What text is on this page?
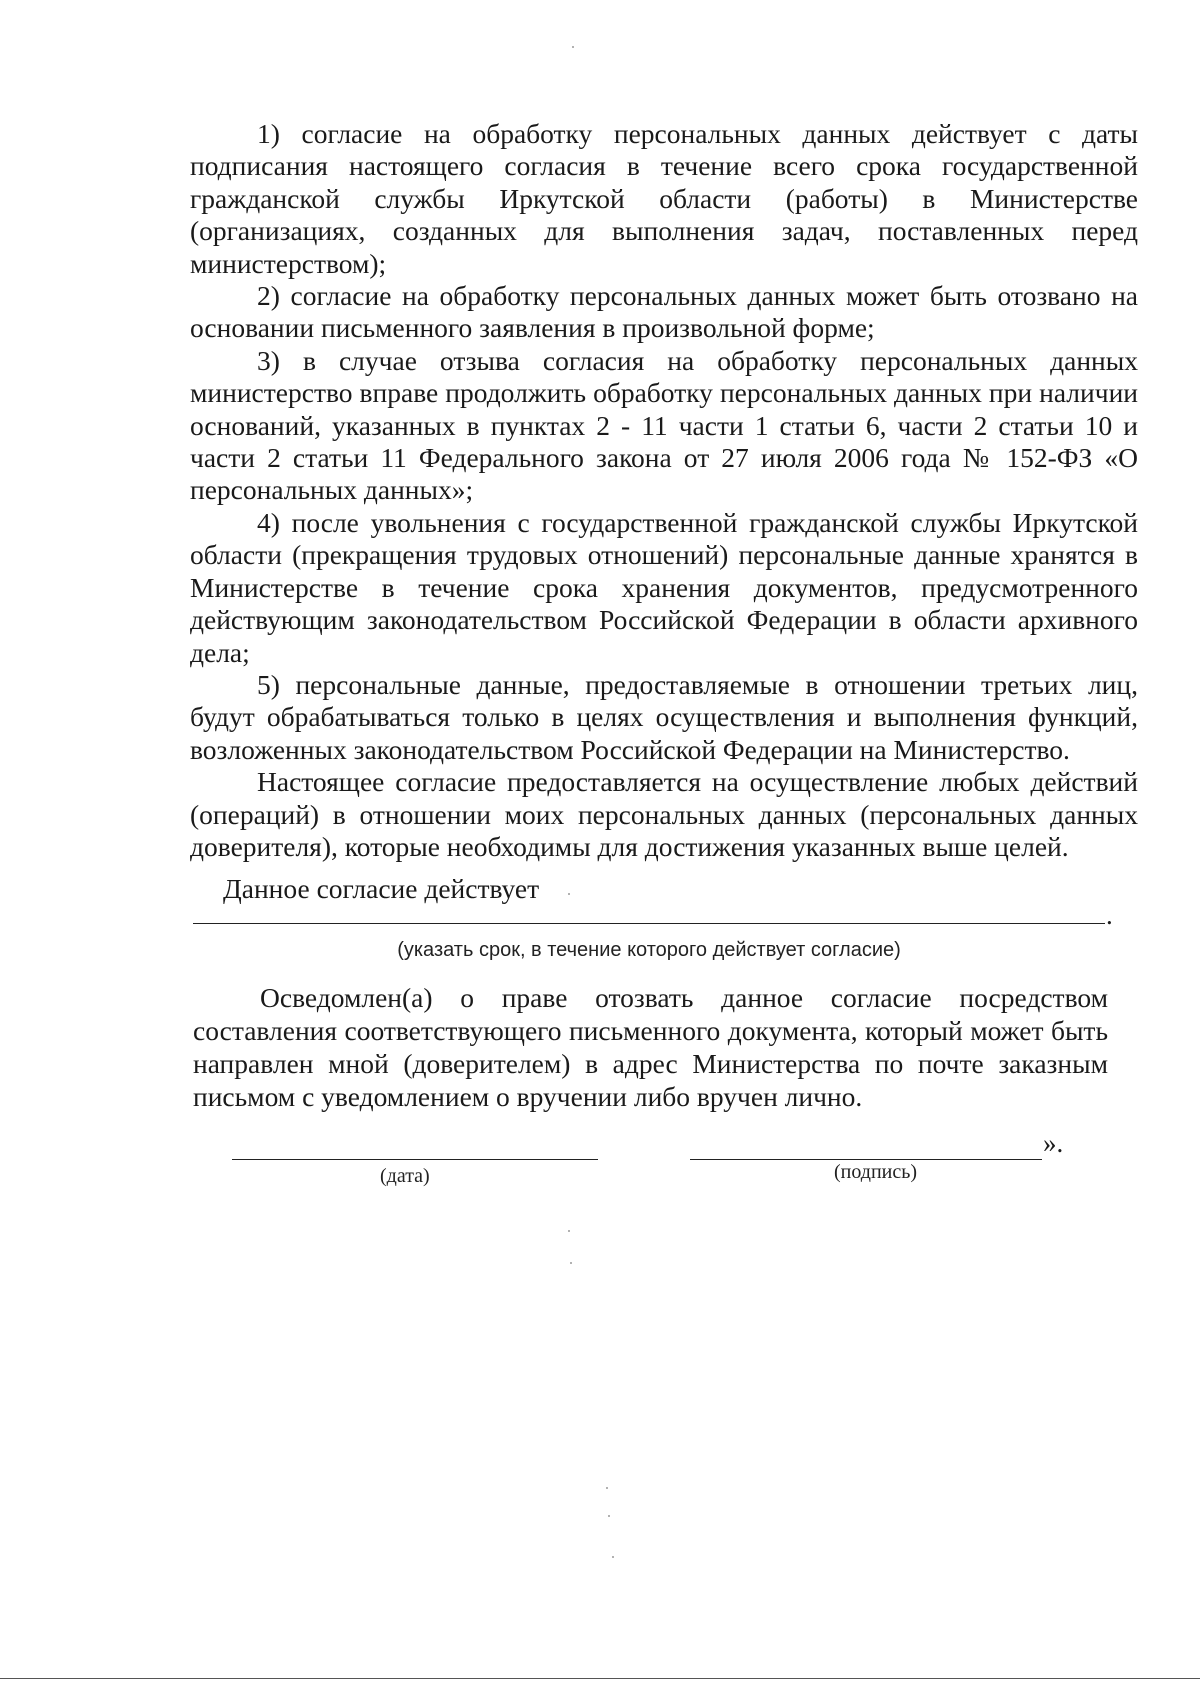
1) согласие на обработку персональных данных действует с даты подписания настоящего согласия в течение всего срока государственной гражданской службы Иркутской области (работы) в Министерстве (организациях, созданных для выполнения задач, поставленных перед министерством);

2) согласие на обработку персональных данных может быть отозвано на основании письменного заявления в произвольной форме;

3) в случае отзыва согласия на обработку персональных данных министерство вправе продолжить обработку персональных данных при наличии оснований, указанных в пунктах 2 - 11 части 1 статьи 6, части 2 статьи 10 и части 2 статьи 11 Федерального закона от 27 июля 2006 года № 152-ФЗ «О персональных данных»;

4) после увольнения с государственной гражданской службы Иркутской области (прекращения трудовых отношений) персональные данные хранятся в Министерстве в течение срока хранения документов, предусмотренного действующим законодательством Российской Федерации в области архивного дела;

5) персональные данные, предоставляемые в отношении третьих лиц, будут обрабатываться только в целях осуществления и выполнения функций, возложенных законодательством Российской Федерации на Министерство.

Настоящее согласие предоставляется на осуществление любых действий (операций) в отношении моих персональных данных (персональных данных доверителя), которые необходимы для достижения указанных выше целей.

Данное согласие действует
.
(указать срок, в течение которого действует согласие)

Осведомлен(а) о праве отозвать данное согласие посредством составления соответствующего письменного документа, который может быть направлен мной (доверителем) в адрес Министерства по почте заказным письмом с уведомлением о вручении либо вручен лично.

».
(дата)	(подпись)
